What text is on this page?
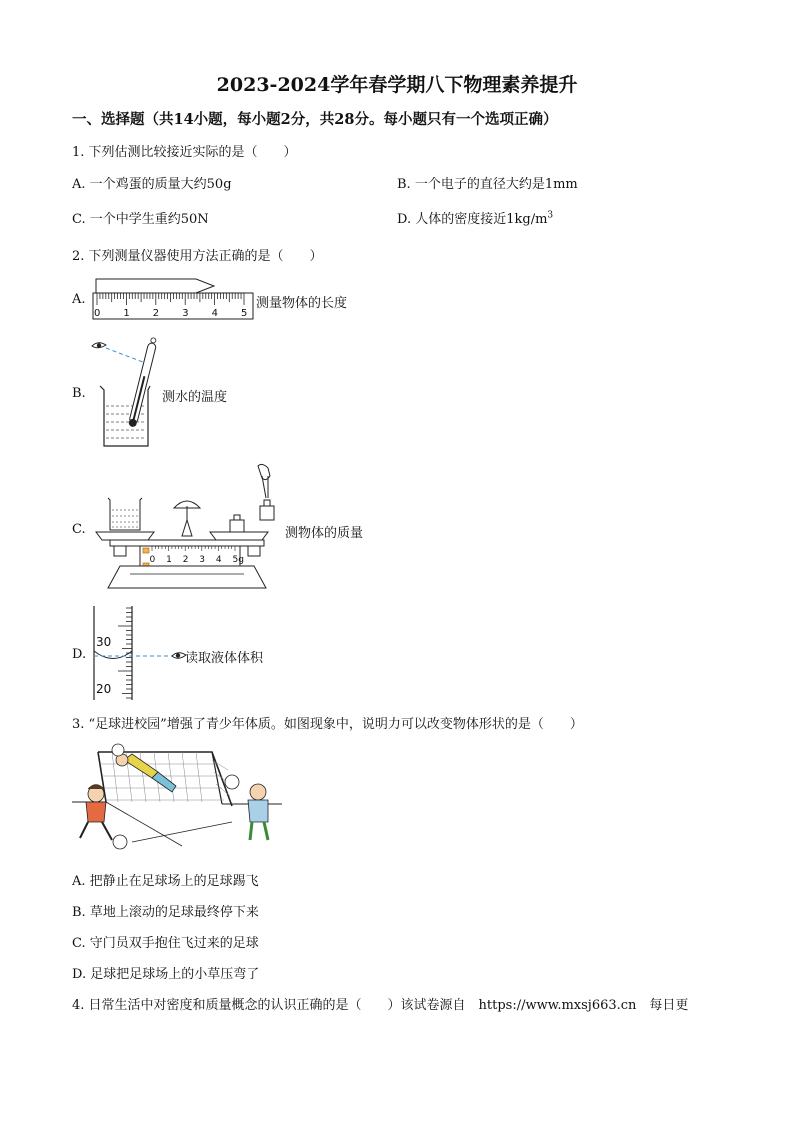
2023-2024学年春学期八下物理素养提升
一、选择题（共14小题，每小题2分，共28分。每小题只有一个选项正确）
1. 下列估测比较接近实际的是（　　）
A. 一个鸡蛋的质量大约50g	B. 一个电子的直径大约是1mm
C. 一个中学生重约50N	D. 人体的密度接近$1kg/m^3$
2. 下列测量仪器使用方法正确的是（　　）
A.
0 1 2 3 4 5
测量物体的长度
B.	测水的温度
C.
0 1 2 3 4 5g
测物体的质量
D.
30
20
读取液体体积
3. “足球进校园”增强了青少年体质。如图现象中，说明力可以改变物体形状的是（　　）
A. 把静止在足球场上的足球踢飞
B. 草地上滚动的足球最终停下来
C. 守门员双手抱住飞过来的足球
D. 足球把足球场上的小草压弯了
4. 日常生活中对密度和质量概念的认识正确的是（　　）该试卷源自　https://www.mxsj663.cn　每日更
